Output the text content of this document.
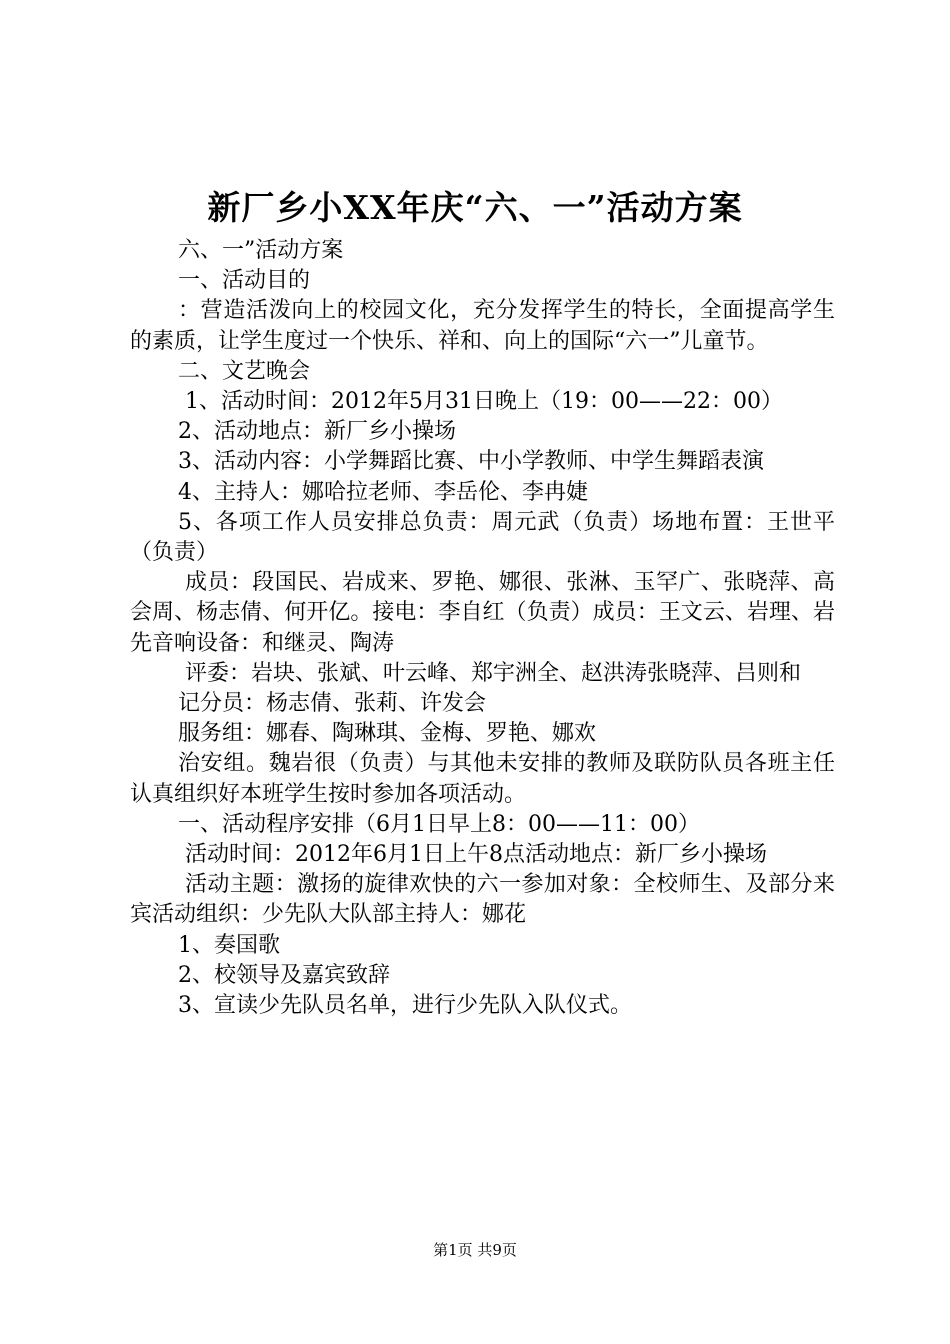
新厂乡小XX年庆“六、一”活动方案

六、一”活动方案

一、活动目的

：营造活泼向上的校园文化，充分发挥学生的特长，全面提高学生的素质，让学生度过一个快乐、祥和、向上的国际“六一”儿童节。

二、文艺晚会

1、活动时间：2012年5月31日晚上（19：00——22：00）

2、活动地点：新厂乡小操场

3、活动内容：小学舞蹈比赛、中小学教师、中学生舞蹈表演

4、主持人：娜哈拉老师、李岳伦、李冉婕

5、各项工作人员安排总负责：周元武（负责）场地布置：王世平（负责）

成员：段国民、岩成来、罗艳、娜很、张淋、玉罕广、张晓萍、高会周、杨志倩、何开亿。接电：李自红（负责）成员：王文云、岩理、岩先音响设备：和继灵、陶涛

评委：岩块、张斌、叶云峰、郑宇洲全、赵洪涛张晓萍、吕则和

记分员：杨志倩、张莉、许发会

服务组：娜春、陶琳琪、金梅、罗艳、娜欢

治安组。魏岩很（负责）与其他未安排的教师及联防队员各班主任认真组织好本班学生按时参加各项活动。

一、活动程序安排（6月1日早上8：00——11：00）

活动时间：2012年6月1日上午8点活动地点：新厂乡小操场

活动主题：激扬的旋律欢快的六一参加对象：全校师生、及部分来宾活动组织：少先队大队部主持人：娜花

1、奏国歌

2、校领导及嘉宾致辞

3、宣读少先队员名单，进行少先队入队仪式。

第1页 共9页
